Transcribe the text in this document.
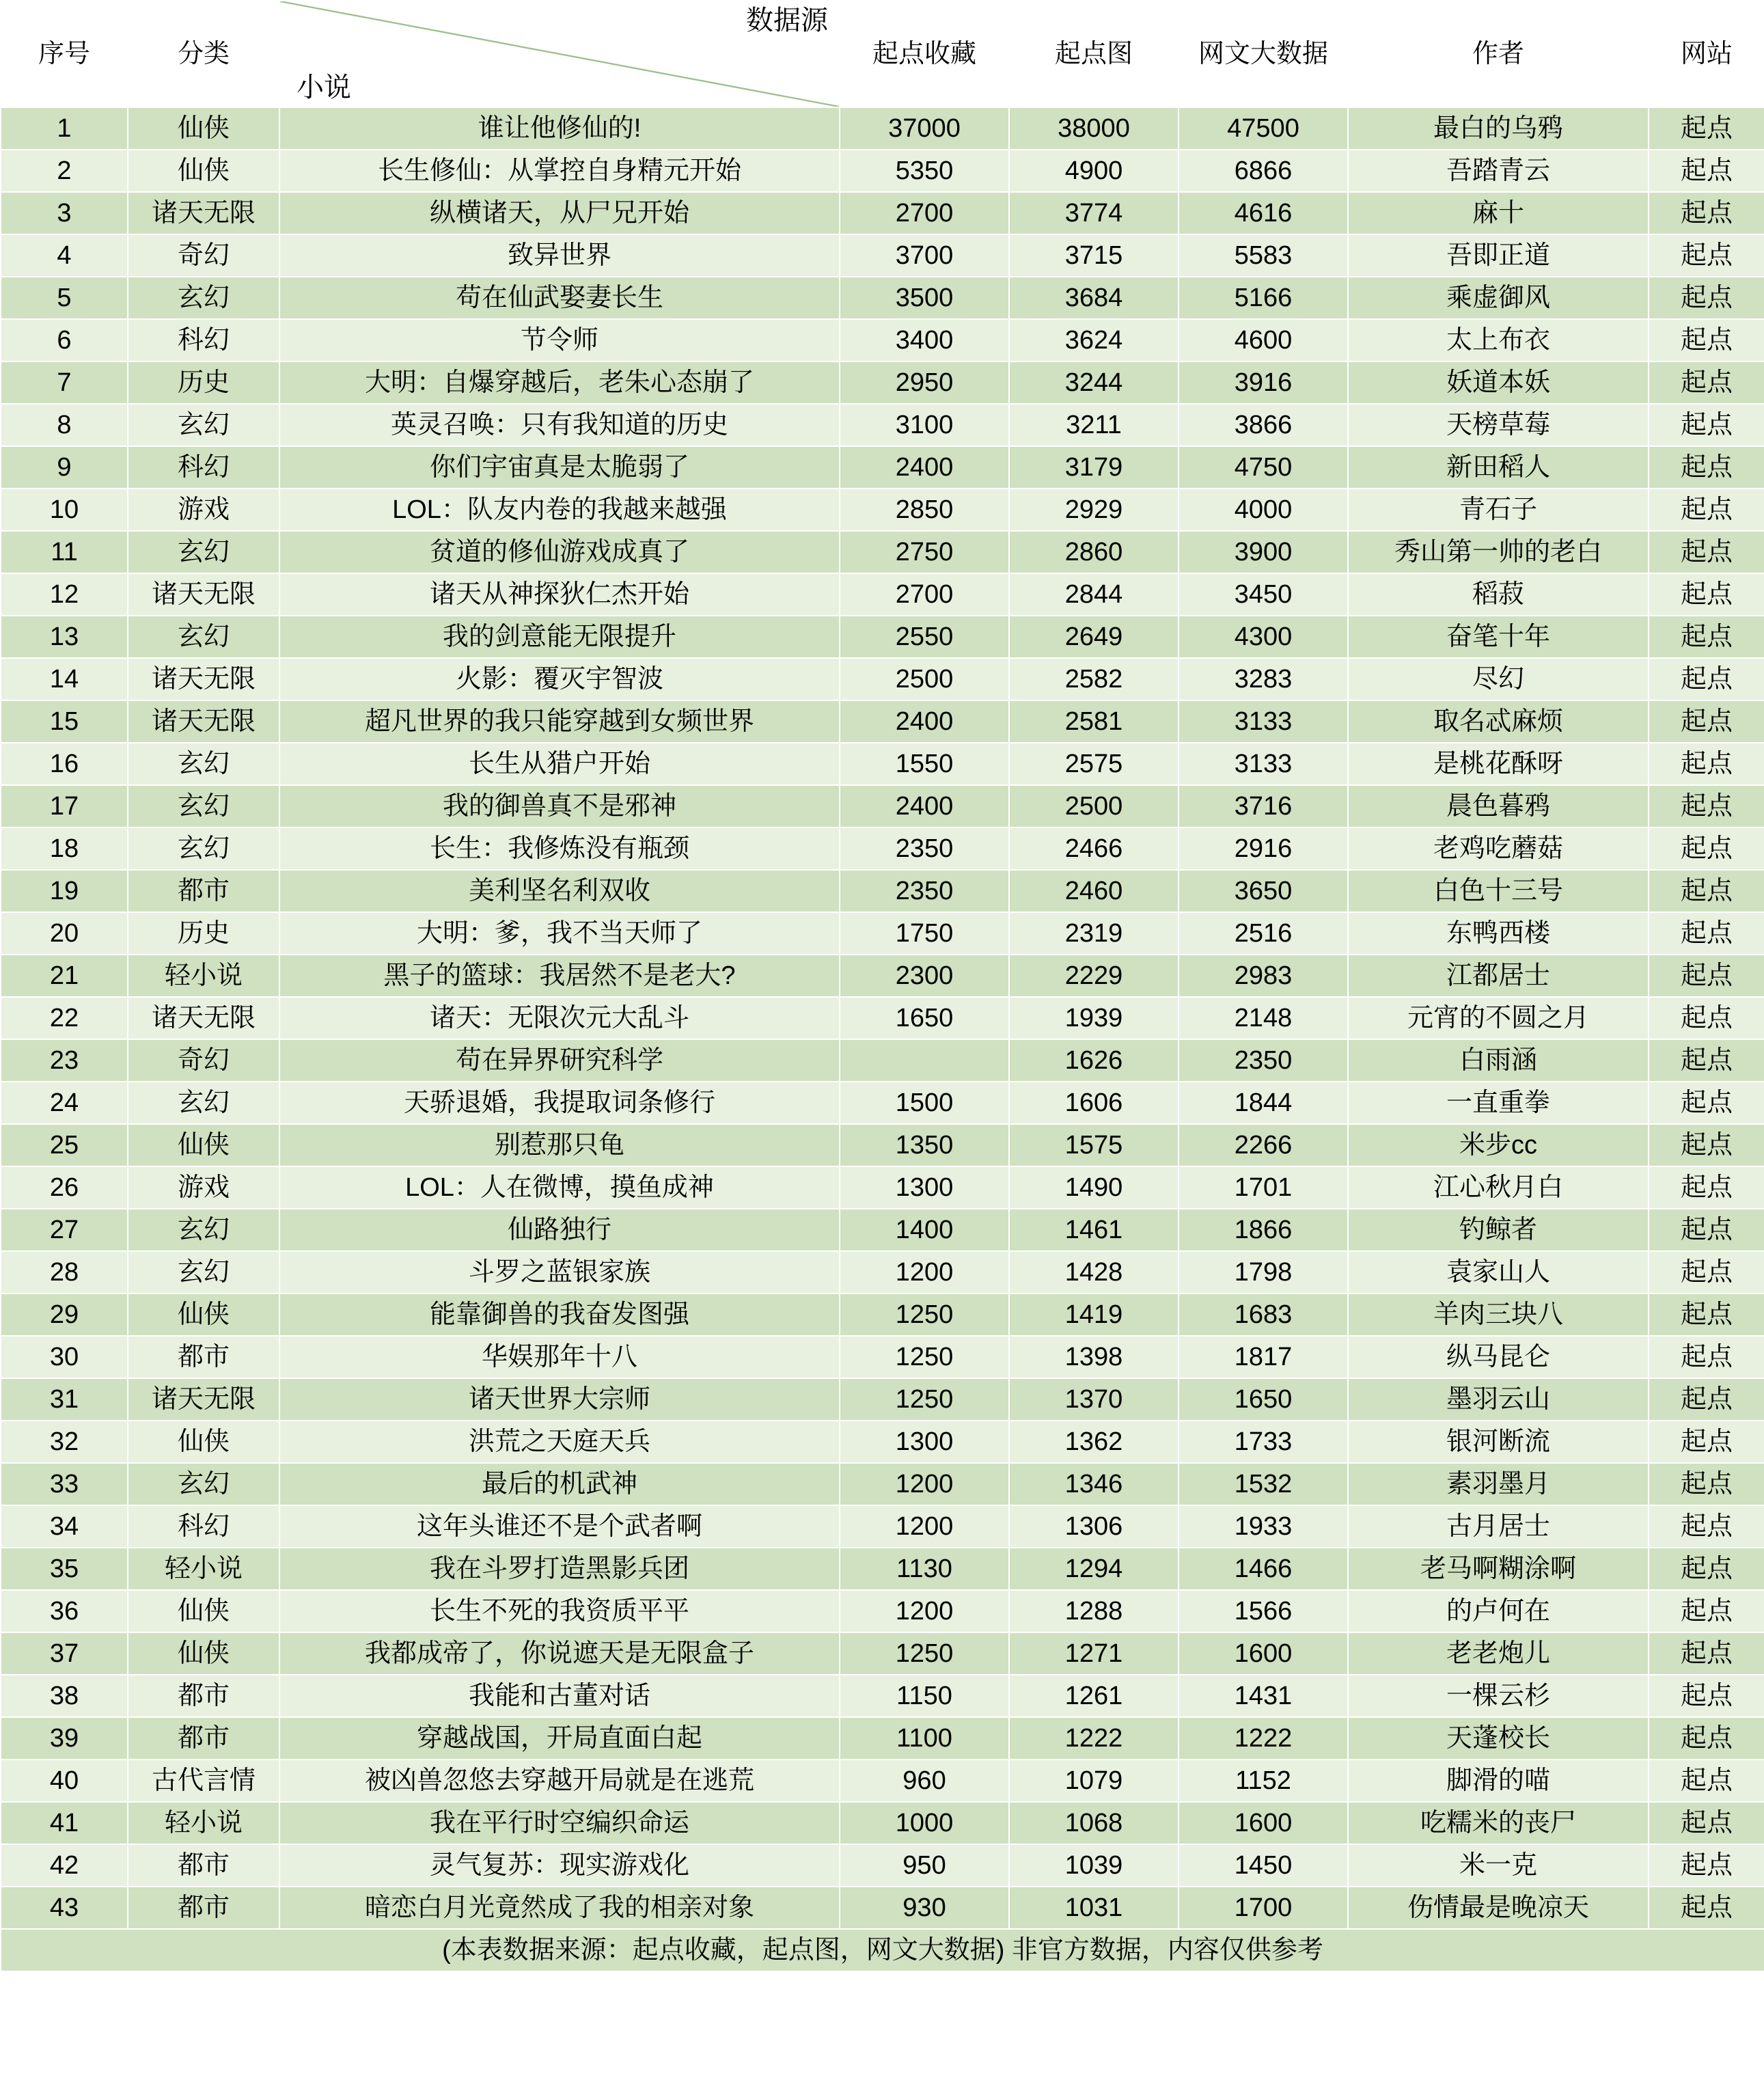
序号	分类	数据源
小说	起点收藏	起点图	网文大数据	作者	网站
1	仙侠	谁让他修仙的!	37000	38000	47500	最白的乌鸦	起点
2	仙侠	长生修仙：从掌控自身精元开始	5350	4900	6866	吾踏青云	起点
3	诸天无限	纵横诸天，从尸兄开始	2700	3774	4616	麻十	起点
4	奇幻	致异世界	3700	3715	5583	吾即正道	起点
5	玄幻	苟在仙武娶妻长生	3500	3684	5166	乘虚御风	起点
6	科幻	节令师	3400	3624	4600	太上布衣	起点
7	历史	大明：自爆穿越后，老朱心态崩了	2950	3244	3916	妖道本妖	起点
8	玄幻	英灵召唤：只有我知道的历史	3100	3211	3866	天榜草莓	起点
9	科幻	你们宇宙真是太脆弱了	2400	3179	4750	新田稻人	起点
10	游戏	LOL：队友内卷的我越来越强	2850	2929	4000	青石子	起点
11	玄幻	贫道的修仙游戏成真了	2750	2860	3900	秀山第一帅的老白	起点
12	诸天无限	诸天从神探狄仁杰开始	2700	2844	3450	稻菽	起点
13	玄幻	我的剑意能无限提升	2550	2649	4300	奋笔十年	起点
14	诸天无限	火影：覆灭宇智波	2500	2582	3283	尽幻	起点
15	诸天无限	超凡世界的我只能穿越到女频世界	2400	2581	3133	取名忒麻烦	起点
16	玄幻	长生从猎户开始	1550	2575	3133	是桃花酥呀	起点
17	玄幻	我的御兽真不是邪神	2400	2500	3716	晨色暮鸦	起点
18	玄幻	长生：我修炼没有瓶颈	2350	2466	2916	老鸡吃蘑菇	起点
19	都市	美利坚名利双收	2350	2460	3650	白色十三号	起点
20	历史	大明：爹，我不当天师了	1750	2319	2516	东鸭西楼	起点
21	轻小说	黑子的篮球：我居然不是老大?	2300	2229	2983	江都居士	起点
22	诸天无限	诸天：无限次元大乱斗	1650	1939	2148	元宵的不圆之月	起点
23	奇幻	苟在异界研究科学		1626	2350	白雨涵	起点
24	玄幻	天骄退婚，我提取词条修行	1500	1606	1844	一直重拳	起点
25	仙侠	别惹那只龟	1350	1575	2266	米步cc	起点
26	游戏	LOL：人在微博，摸鱼成神	1300	1490	1701	江心秋月白	起点
27	玄幻	仙路独行	1400	1461	1866	钓鲸者	起点
28	玄幻	斗罗之蓝银家族	1200	1428	1798	袁家山人	起点
29	仙侠	能靠御兽的我奋发图强	1250	1419	1683	羊肉三块八	起点
30	都市	华娱那年十八	1250	1398	1817	纵马昆仑	起点
31	诸天无限	诸天世界大宗师	1250	1370	1650	墨羽云山	起点
32	仙侠	洪荒之天庭天兵	1300	1362	1733	银河断流	起点
33	玄幻	最后的机武神	1200	1346	1532	素羽墨月	起点
34	科幻	这年头谁还不是个武者啊	1200	1306	1933	古月居士	起点
35	轻小说	我在斗罗打造黑影兵团	1130	1294	1466	老马啊糊涂啊	起点
36	仙侠	长生不死的我资质平平	1200	1288	1566	的卢何在	起点
37	仙侠	我都成帝了，你说遮天是无限盒子	1250	1271	1600	老老炮儿	起点
38	都市	我能和古董对话	1150	1261	1431	一棵云杉	起点
39	都市	穿越战国，开局直面白起	1100	1222	1222	天蓬校长	起点
40	古代言情	被凶兽忽悠去穿越开局就是在逃荒	960	1079	1152	脚滑的喵	起点
41	轻小说	我在平行时空编织命运	1000	1068	1600	吃糯米的丧尸	起点
42	都市	灵气复苏：现实游戏化	950	1039	1450	米一克	起点
43	都市	暗恋白月光竟然成了我的相亲对象	930	1031	1700	伤情最是晚凉天	起点
(本表数据来源：起点收藏，起点图，网文大数据) 非官方数据，内容仅供参考							
